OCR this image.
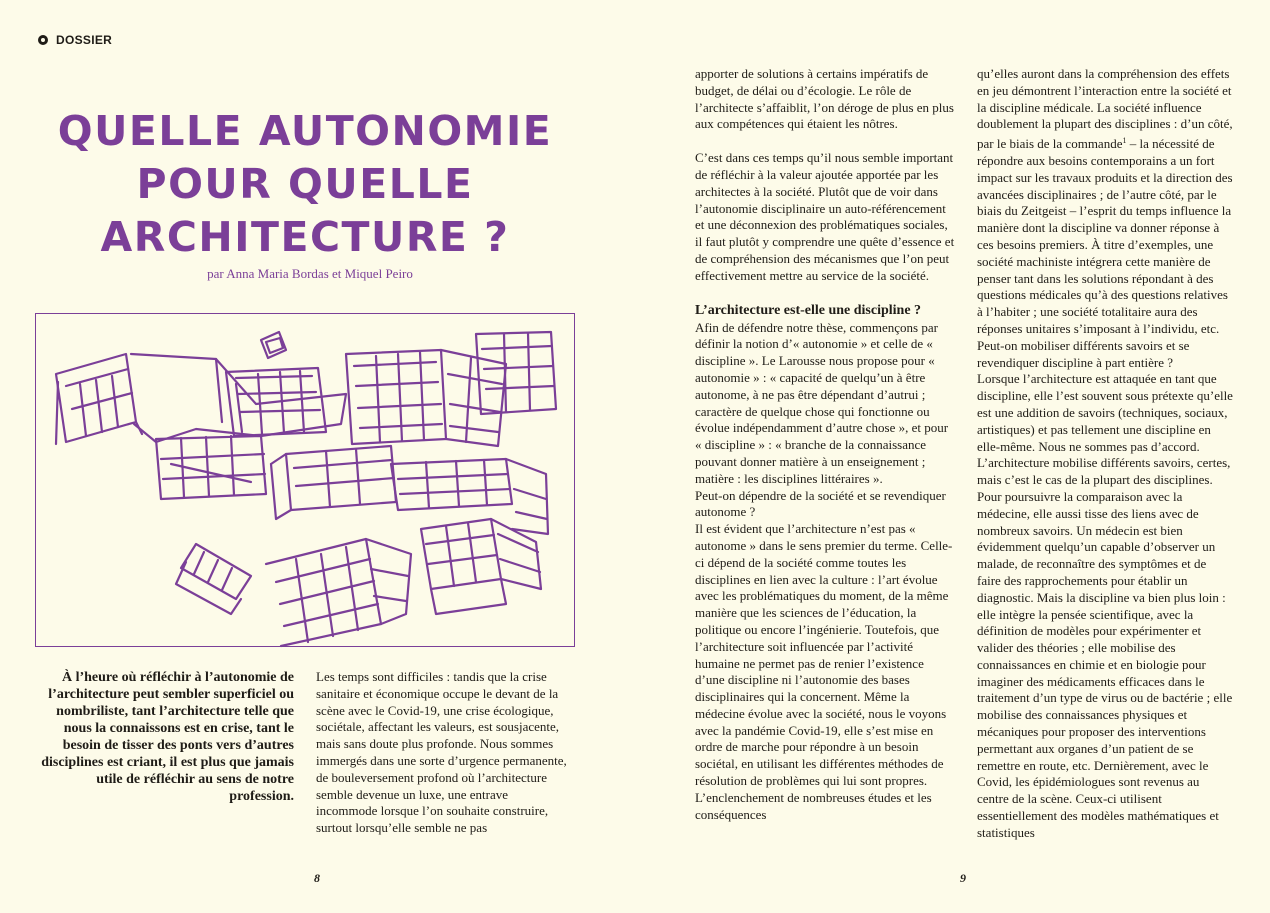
DOSSIER
QUELLE AUTONOMIE
POUR QUELLE
ARCHITECTURE ?
par Anna Maria Bordas et Miquel Peiro

À l’heure où réfléchir à l’autonomie de l’architecture peut sembler superficiel ou nombriliste, tant l’architecture telle que nous la connaissons est en crise, tant le besoin de tisser des ponts vers d’autres disciplines est criant, il est plus que jamais utile de réfléchir au sens de notre profession.

Les temps sont difficiles : tandis que la crise sanitaire et économique occupe le devant de la scène avec le Covid-19, une crise écologique, sociétale, affectant les valeurs, est sousjacente, mais sans doute plus profonde. Nous sommes immergés dans une sorte d’urgence permanente, de bouleversement profond où l’architecture semble devenue un luxe, une entrave incommode lorsque l’on souhaite construire, surtout lorsqu’elle semble ne pas

apporter de solutions à certains impératifs de budget, de délai ou d’écologie. Le rôle de l’architecte s’affaiblit, l’on déroge de plus en plus aux compétences qui étaient les nôtres.

C’est dans ces temps qu’il nous semble important de réfléchir à la valeur ajoutée apportée par les architectes à la société. Plutôt que de voir dans l’autonomie disciplinaire un auto-référencement et une déconnexion des problématiques sociales, il faut plutôt y comprendre une quête d’essence et de compréhension des mécanismes que l’on peut effectivement mettre au service de la société.

L’architecture est-elle une discipline ?

Afin de défendre notre thèse, commençons par définir la notion d’« autonomie » et celle de « discipline ». Le Larousse nous propose pour « autonomie » : « capacité de quelqu’un à être autonome, à ne pas être dépendant d’autrui ; caractère de quelque chose qui fonctionne ou évolue indépendamment d’autre chose », et pour « discipline » : « branche de la connaissance pouvant donner matière à un enseignement ; matière : les disciplines littéraires ».

Peut-on dépendre de la société et se revendiquer autonome ?

Il est évident que l’architecture n’est pas « autonome » dans le sens premier du terme. Celle-ci dépend de la société comme toutes les disciplines en lien avec la culture : l’art évolue avec les problématiques du moment, de la même manière que les sciences de l’éducation, la politique ou encore l’ingénierie. Toutefois, que l’architecture soit influencée par l’activité humaine ne permet pas de renier l’existence d’une discipline ni l’autonomie des bases disciplinaires qui la concernent. Même la médecine évolue avec la société, nous le voyons avec la pandémie Covid-19, elle s’est mise en ordre de marche pour répondre à un besoin sociétal, en utilisant les différentes méthodes de résolution de problèmes qui lui sont propres. L’enclenchement de nombreuses études et les conséquences

qu’elles auront dans la compréhension des effets en jeu démontrent l’interaction entre la société et la discipline médicale. La société influence doublement la plupart des disciplines : d’un côté, par le biais de la commande$^1$ – la nécessité de répondre aux besoins contemporains a un fort impact sur les travaux produits et la direction des avancées disciplinaires ; de l’autre côté, par le biais du Zeitgeist – l’esprit du temps influence la manière dont la discipline va donner réponse à ces besoins premiers. À titre d’exemples, une société machiniste intégrera cette manière de penser tant dans les solutions répondant à des questions médicales qu’à des questions relatives à l’habiter ; une société totalitaire aura des réponses unitaires s’imposant à l’individu, etc.

Peut-on mobiliser différents savoirs et se revendiquer discipline à part entière ?

Lorsque l’architecture est attaquée en tant que discipline, elle l’est souvent sous prétexte qu’elle est une addition de savoirs (techniques, sociaux, artistiques) et pas tellement une discipline en elle-même. Nous ne sommes pas d’accord. L’architecture mobilise différents savoirs, certes, mais c’est le cas de la plupart des disciplines. Pour poursuivre la comparaison avec la médecine, elle aussi tisse des liens avec de nombreux savoirs. Un médecin est bien évidemment quelqu’un capable d’observer un malade, de reconnaître des symptômes et de faire des rapprochements pour établir un diagnostic. Mais la discipline va bien plus loin : elle intègre la pensée scientifique, avec la définition de modèles pour expérimenter et valider des théories ; elle mobilise des connaissances en chimie et en biologie pour imaginer des médicaments efficaces dans le traitement d’un type de virus ou de bactérie ; elle mobilise des connaissances physiques et mécaniques pour proposer des interventions permettant aux organes d’un patient de se remettre en route, etc. Dernièrement, avec le Covid, les épidémiologues sont revenus au centre de la scène. Ceux-ci utilisent essentiellement des modèles mathématiques et statistiques

8	9
